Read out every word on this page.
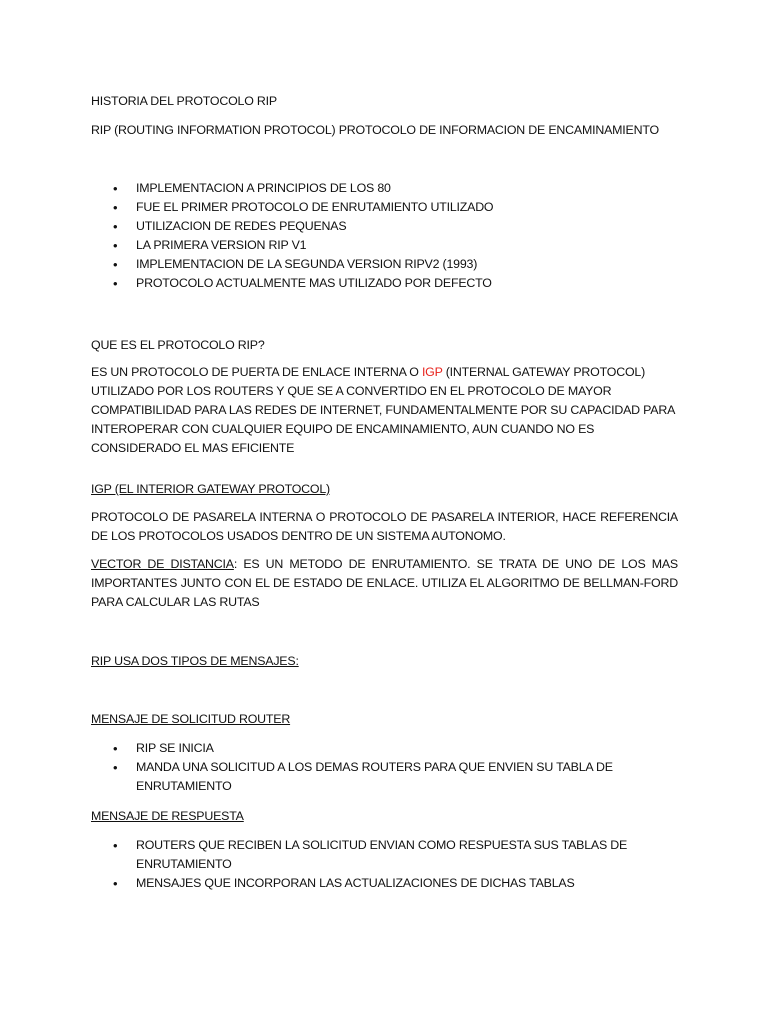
HISTORIA DEL PROTOCOLO RIP

RIP (ROUTING INFORMATION PROTOCOL) PROTOCOLO DE INFORMACION DE ENCAMINAMIENTO

• IMPLEMENTACION A PRINCIPIOS DE LOS 80
• FUE EL PRIMER PROTOCOLO DE ENRUTAMIENTO UTILIZADO
• UTILIZACION DE REDES PEQUENAS
• LA PRIMERA VERSION RIP V1
• IMPLEMENTACION DE LA SEGUNDA VERSION RIPV2 (1993)
• PROTOCOLO ACTUALMENTE MAS UTILIZADO POR DEFECTO

QUE ES EL PROTOCOLO RIP?

ES UN PROTOCOLO DE PUERTA DE ENLACE INTERNA O IGP (INTERNAL GATEWAY PROTOCOL) UTILIZADO POR LOS ROUTERS Y QUE SE A CONVERTIDO EN EL PROTOCOLO DE MAYOR COMPATIBILIDAD PARA LAS REDES DE INTERNET, FUNDAMENTALMENTE POR SU CAPACIDAD PARA INTEROPERAR CON CUALQUIER EQUIPO DE ENCAMINAMIENTO, AUN CUANDO NO ES CONSIDERADO EL MAS EFICIENTE

IGP (EL INTERIOR GATEWAY PROTOCOL)

PROTOCOLO DE PASARELA INTERNA O PROTOCOLO DE PASARELA INTERIOR, HACE REFERENCIA DE LOS PROTOCOLOS USADOS DENTRO DE UN SISTEMA AUTONOMO.

VECTOR DE DISTANCIA: ES UN METODO DE ENRUTAMIENTO. SE TRATA DE UNO DE LOS MAS IMPORTANTES JUNTO CON EL DE ESTADO DE ENLACE. UTILIZA EL ALGORITMO DE BELLMAN-FORD PARA CALCULAR LAS RUTAS

RIP USA DOS TIPOS DE MENSAJES:

MENSAJE DE SOLICITUD ROUTER

• RIP SE INICIA
• MANDA UNA SOLICITUD A LOS DEMAS ROUTERS PARA QUE ENVIEN SU TABLA DE ENRUTAMIENTO

MENSAJE DE RESPUESTA

• ROUTERS QUE RECIBEN LA SOLICITUD ENVIAN COMO RESPUESTA SUS TABLAS DE ENRUTAMIENTO
• MENSAJES QUE INCORPORAN LAS ACTUALIZACIONES DE DICHAS TABLAS
